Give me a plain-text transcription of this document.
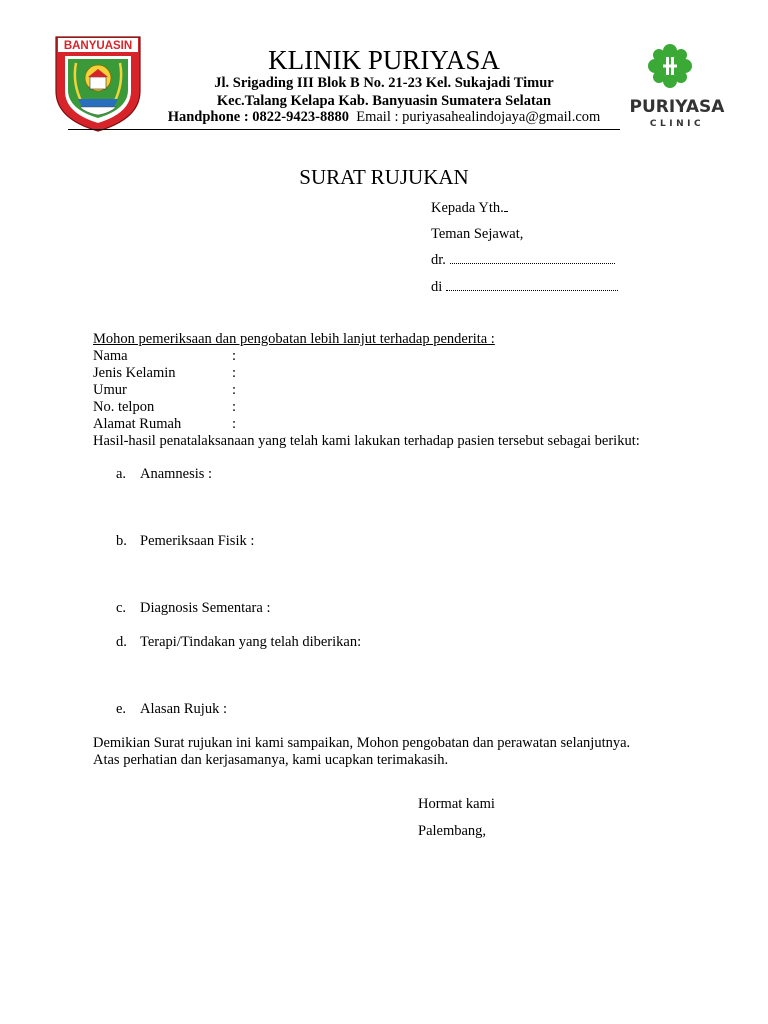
BANYUASIN	KLINIK PURIYASA
Jl. Srigading III Blok B No. 21-23 Kel. Sukajadi Timur
Kec.Talang Kelapa Kab. Banyuasin Sumatera Selatan
Handphone : 0822-9423-8880 Email : puriyasahealindojaya@gmail.com	PURIYASA
CLINIC
SURAT RUJUKAN
Kepada Yth.
Teman Sejawat,
dr.
di
Mohon pemeriksaan dan pengobatan lebih lanjut terhadap penderita :
Nama	:
Jenis Kelamin	:
Umur	:
No. telpon	:
Alamat Rumah	:
Hasil-hasil penatalaksanaan yang telah kami lakukan terhadap pasien tersebut sebagai berikut:
a. Anamnesis :
b. Pemeriksaan Fisik :
c. Diagnosis Sementara :
d. Terapi/Tindakan yang telah diberikan:
e. Alasan Rujuk :
Demikian Surat rujukan ini kami sampaikan, Mohon pengobatan dan perawatan selanjutnya.
Atas perhatian dan kerjasamanya, kami ucapkan terimakasih.
Hormat kami
Palembang,
